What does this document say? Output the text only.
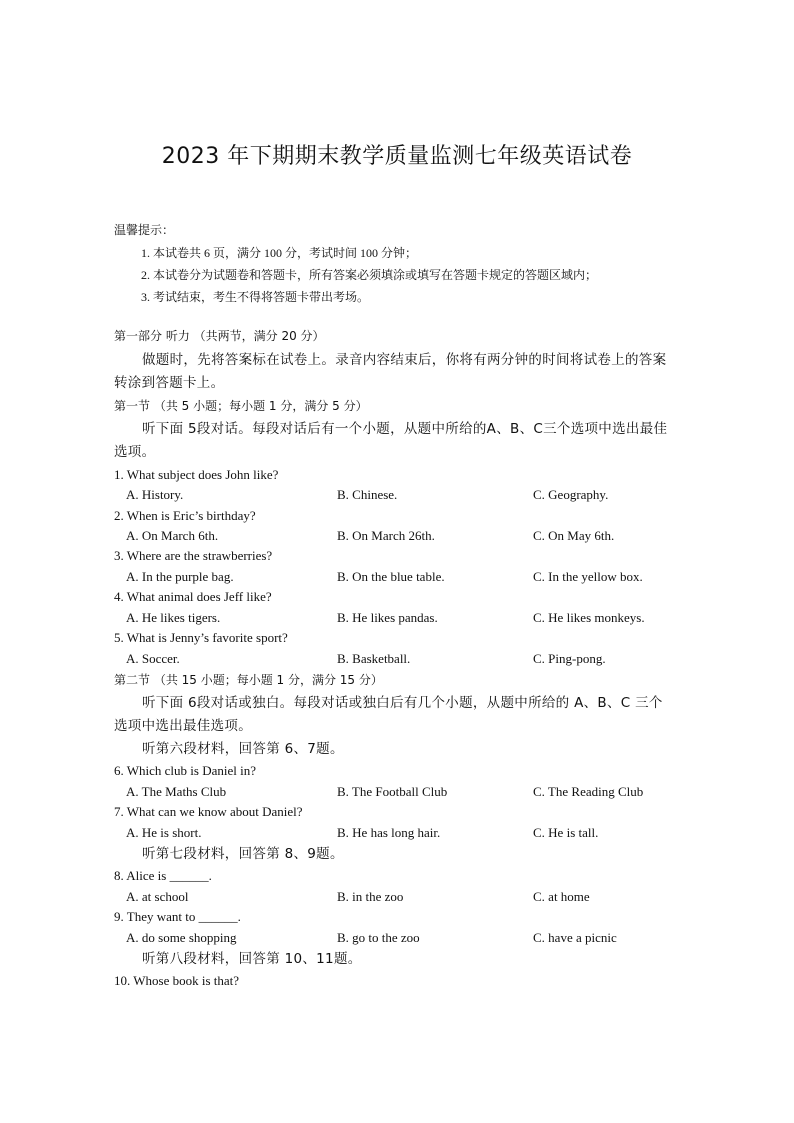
2023 年下期期末教学质量监测七年级英语试卷
温馨提示：
1. 本试卷共 6 页，满分 100 分，考试时间 100 分钟；
2. 本试卷分为试题卷和答题卡，所有答案必须填涂或填写在答题卡规定的答题区域内；
3. 考试结束，考生不得将答题卡带出考场。
第一部分 听力 （共两节，满分 20 分）
做题时，先将答案标在试卷上。录音内容结束后，你将有两分钟的时间将试卷上的答案
转涂到答题卡上。
第一节 （共 5 小题；每小题 1 分，满分 5 分）
听下面 5段对话。每段对话后有一个小题，从题中所给的A、B、C三个选项中选出最佳
选项。
1. What subject does John like?
A. History.	B. Chinese.	C. Geography.
2. When is Eric’s birthday?
A. On March 6th.	B. On March 26th.	C. On May 6th.
3. Where are the strawberries?
A. In the purple bag.	B. On the blue table.	C. In the yellow box.
4. What animal does Jeff like?
A. He likes tigers.	B. He likes pandas.	C. He likes monkeys.
5. What is Jenny’s favorite sport?
A. Soccer.	B. Basketball.	C. Ping-pong.
第二节 （共 15 小题；每小题 1 分，满分 15 分）
听下面 6段对话或独白。每段对话或独白后有几个小题，从题中所给的 A、B、C 三个
选项中选出最佳选项。
听第六段材料，回答第 6、7题。
6. Which club is Daniel in?
A. The Maths Club	B. The Football Club	C. The Reading Club
7. What can we know about Daniel?
A. He is short.	B. He has long hair.	C. He is tall.
听第七段材料，回答第 8、9题。
8. Alice is ______.
A. at school	B. in the zoo	C. at home
9. They want to ______.
A. do some shopping	B. go to the zoo	C. have a picnic
听第八段材料，回答第 10、11题。
10. Whose book is that?
